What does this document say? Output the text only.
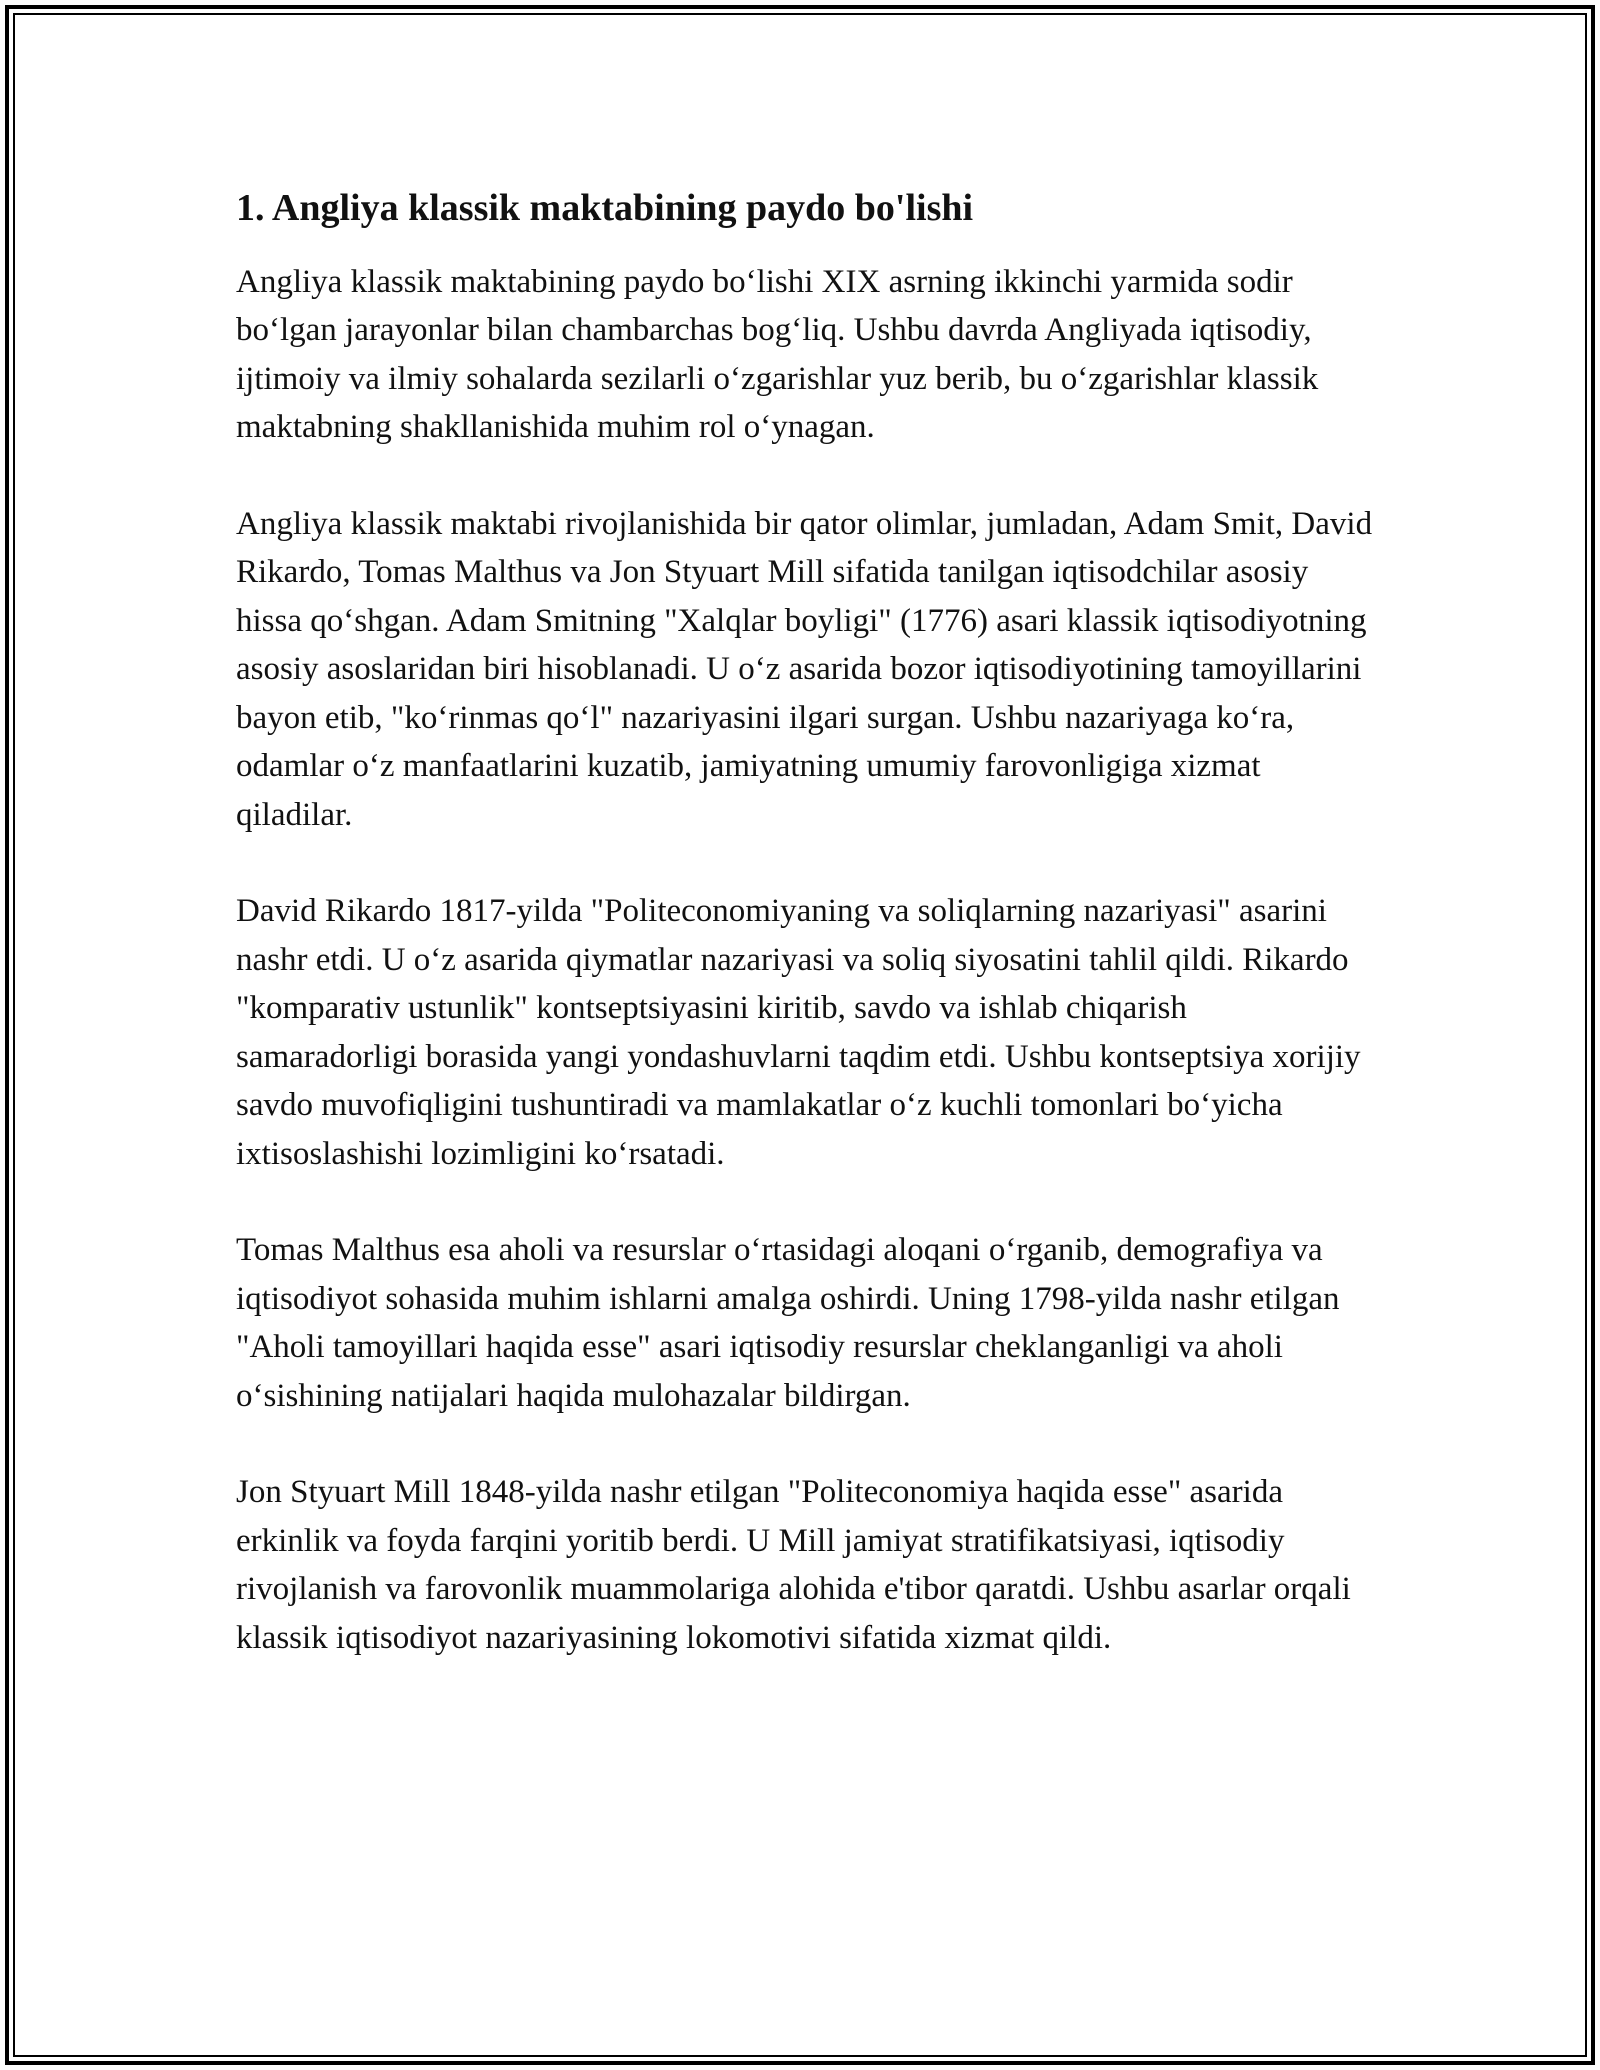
1. Angliya klassik maktabining paydo bo'lishi

Angliya klassik maktabining paydo bo‘lishi XIX asrning ikkinchi yarmida sodir bo‘lgan jarayonlar bilan chambarchas bog‘liq. Ushbu davrda Angliyada iqtisodiy, ijtimoiy va ilmiy sohalarda sezilarli o‘zgarishlar yuz berib, bu o‘zgarishlar klassik maktabning shakllanishida muhim rol o‘ynagan.

Angliya klassik maktabi rivojlanishida bir qator olimlar, jumladan, Adam Smit, David Rikardo, Tomas Malthus va Jon Styuart Mill sifatida tanilgan iqtisodchilar asosiy hissa qo‘shgan. Adam Smitning "Xalqlar boyligi" (1776) asari klassik iqtisodiyotning asosiy asoslaridan biri hisoblanadi. U o‘z asarida bozor iqtisodiyotining tamoyillarini bayon etib, "ko‘rinmas qo‘l" nazariyasini ilgari surgan. Ushbu nazariyaga ko‘ra, odamlar o‘z manfaatlarini kuzatib, jamiyatning umumiy farovonligiga xizmat qiladilar.

David Rikardo 1817-yilda "Politeconomiyaning va soliqlarning nazariyasi" asarini nashr etdi. U o‘z asarida qiymatlar nazariyasi va soliq siyosatini tahlil qildi. Rikardo "komparativ ustunlik" kontseptsiyasini kiritib, savdo va ishlab chiqarish samaradorligi borasida yangi yondashuvlarni taqdim etdi. Ushbu kontseptsiya xorijiy savdo muvofiqligini tushuntiradi va mamlakatlar o‘z kuchli tomonlari bo‘yicha ixtisoslashishi lozimligini ko‘rsatadi.

Tomas Malthus esa aholi va resurslar o‘rtasidagi aloqani o‘rganib, demografiya va iqtisodiyot sohasida muhim ishlarni amalga oshirdi. Uning 1798-yilda nashr etilgan "Aholi tamoyillari haqida esse" asari iqtisodiy resurslar cheklanganligi va aholi o‘sishining natijalari haqida mulohazalar bildirgan.

Jon Styuart Mill 1848-yilda nashr etilgan "Politeconomiya haqida esse" asarida erkinlik va foyda farqini yoritib berdi. U Mill jamiyat stratifikatsiyasi, iqtisodiy rivojlanish va farovonlik muammolariga alohida e'tibor qaratdi. Ushbu asarlar orqali klassik iqtisodiyot nazariyasining lokomotivi sifatida xizmat qildi.
